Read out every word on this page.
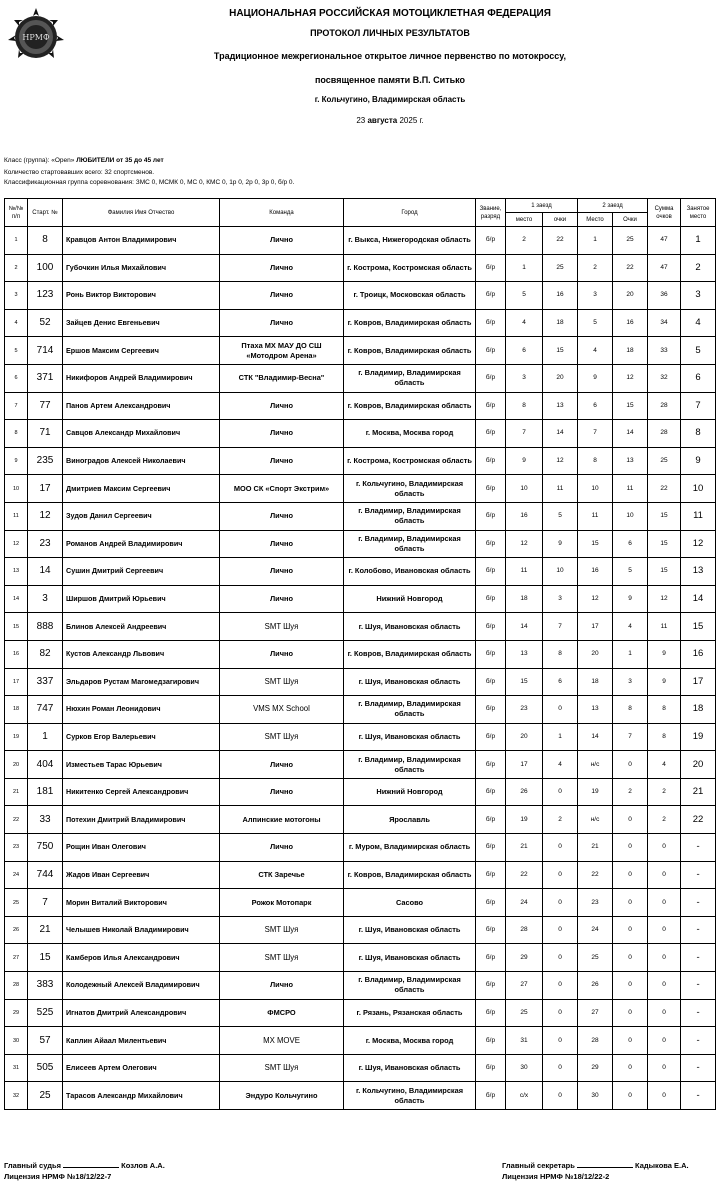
НРМФ
НАЦИОНАЛЬНАЯ РОССИЙСКАЯ МОТОЦИКЛЕТНАЯ ФЕДЕРАЦИЯ
ПРОТОКОЛ ЛИЧНЫХ РЕЗУЛЬТАТОВ
Традиционное межрегиональное открытое личное первенство по мотокроссу,
посвященное памяти В.П. Ситько
г. Кольчугино, Владимирская область
23 августа 2025 г.
Класс (группа): «Open» ЛЮБИТЕЛИ от 35 до 45 лет
Количество стартовавших всего: 32 спортсменов.
Классификационная группа соревнования: ЗМС 0, МСМК 0, МС 0, КМС 0, 1р 0, 2р 0, 3р 0, б/р 0.
№/№ п/п	Старт. №	Фамилия Имя Отчество	Команда	Город	Звание, разряд	1 заезд		2 заезд		Сумма очков	Занятое место
						место	очки	Место	Очки		
1	8	Кравцов Антон Владимирович	Лично	г. Выкса, Нижегородская область	б/р	2	22	1	25	47	1
2	100	Губочкин Илья Михайлович	Лично	г. Кострома, Костромская область	б/р	1	25	2	22	47	2
3	123	Ронь Виктор Викторович	Лично	г. Троицк, Московская область	б/р	5	16	3	20	36	3
4	52	Зайцев Денис Евгеньевич	Лично	г. Ковров, Владимирская область	б/р	4	18	5	16	34	4
5	714	Ершов Максим Сергеевич	Птаха МХ МАУ ДО СШ «Мотодром Арена»	г. Ковров, Владимирская область	б/р	6	15	4	18	33	5
6	371	Никифоров Андрей Владимирович	СТК "Владимир-Весна"	г. Владимир, Владимирская область	б/р	3	20	9	12	32	6
7	77	Панов Артем Александрович	Лично	г. Ковров, Владимирская область	б/р	8	13	6	15	28	7
8	71	Савцов Александр Михайлович	Лично	г. Москва, Москва город	б/р	7	14	7	14	28	8
9	235	Виноградов Алексей Николаевич	Лично	г. Кострома, Костромская область	б/р	9	12	8	13	25	9
10	17	Дмитриев Максим Сергеевич	МОО СК «Спорт Экстрим»	г. Кольчугино, Владимирская область	б/р	10	11	10	11	22	10
11	12	Зудов Данил Сергеевич	Лично	г. Владимир, Владимирская область	б/р	16	5	11	10	15	11
12	23	Романов Андрей Владимирович	Лично	г. Владимир, Владимирская область	б/р	12	9	15	6	15	12
13	14	Сушин Дмитрий Сергеевич	Лично	г. Колобово, Ивановская область	б/р	11	10	16	5	15	13
14	3	Ширшов Дмитрий Юрьевич	Лично	Нижний Новгород	б/р	18	3	12	9	12	14
15	888	Блинов Алексей Андреевич	SMT Шуя	г. Шуя, Ивановская область	б/р	14	7	17	4	11	15
16	82	Кустов Александр Львович	Лично	г. Ковров, Владимирская область	б/р	13	8	20	1	9	16
17	337	Эльдаров Рустам Магомедзагирович	SMT Шуя	г. Шуя, Ивановская область	б/р	15	6	18	3	9	17
18	747	Нюхин Роман Леонидович	VMS MX School	г. Владимир, Владимирская область	б/р	23	0	13	8	8	18
19	1	Сурков Егор Валерьевич	SMT Шуя	г. Шуя, Ивановская область	б/р	20	1	14	7	8	19
20	404	Изместьев Тарас Юрьевич	Лично	г. Владимир, Владимирская область	б/р	17	4	н/с	0	4	20
21	181	Никитенко Сергей Александрович	Лично	Нижний Новгород	б/р	26	0	19	2	2	21
22	33	Потехин Дмитрий Владимирович	Алпинские мотогоны	Ярославль	б/р	19	2	н/с	0	2	22
23	750	Рощин Иван Олегович	Лично	г. Муром, Владимирская область	б/р	21	0	21	0	0	-
24	744	Жадов Иван Сергеевич	СТК Заречье	г. Ковров, Владимирская область	б/р	22	0	22	0	0	-
25	7	Морин Виталий Викторович	Рожок Мотопарк	Сасово	б/р	24	0	23	0	0	-
26	21	Челышев Николай Владимирович	SMT Шуя	г. Шуя, Ивановская область	б/р	28	0	24	0	0	-
27	15	Камберов Илья Александрович	SMT Шуя	г. Шуя, Ивановская область	б/р	29	0	25	0	0	-
28	383	Колодежный Алексей Владимирович	Лично	г. Владимир, Владимирская область	б/р	27	0	26	0	0	-
29	525	Игнатов Дмитрий Александрович	ФМСРО	г. Рязань, Рязанская область	б/р	25	0	27	0	0	-
30	57	Каплин Айаал Милентьевич	MX MOVE	г. Москва, Москва город	б/р	31	0	28	0	0	-
31	505	Елисеев Артем Олегович	SMT Шуя	г. Шуя, Ивановская область	б/р	30	0	29	0	0	-
32	25	Тарасов Александр Михайлович	Эндуро Кольчугино	г. Кольчугино, Владимирская область	б/р	с/х	0	30	0	0	-
Главный судья	Козлов А.А.
Лицензия НРМФ №18/12/22-7
Главный секретарь	Кадыкова Е.А.
Лицензия НРМФ №18/12/22-2
